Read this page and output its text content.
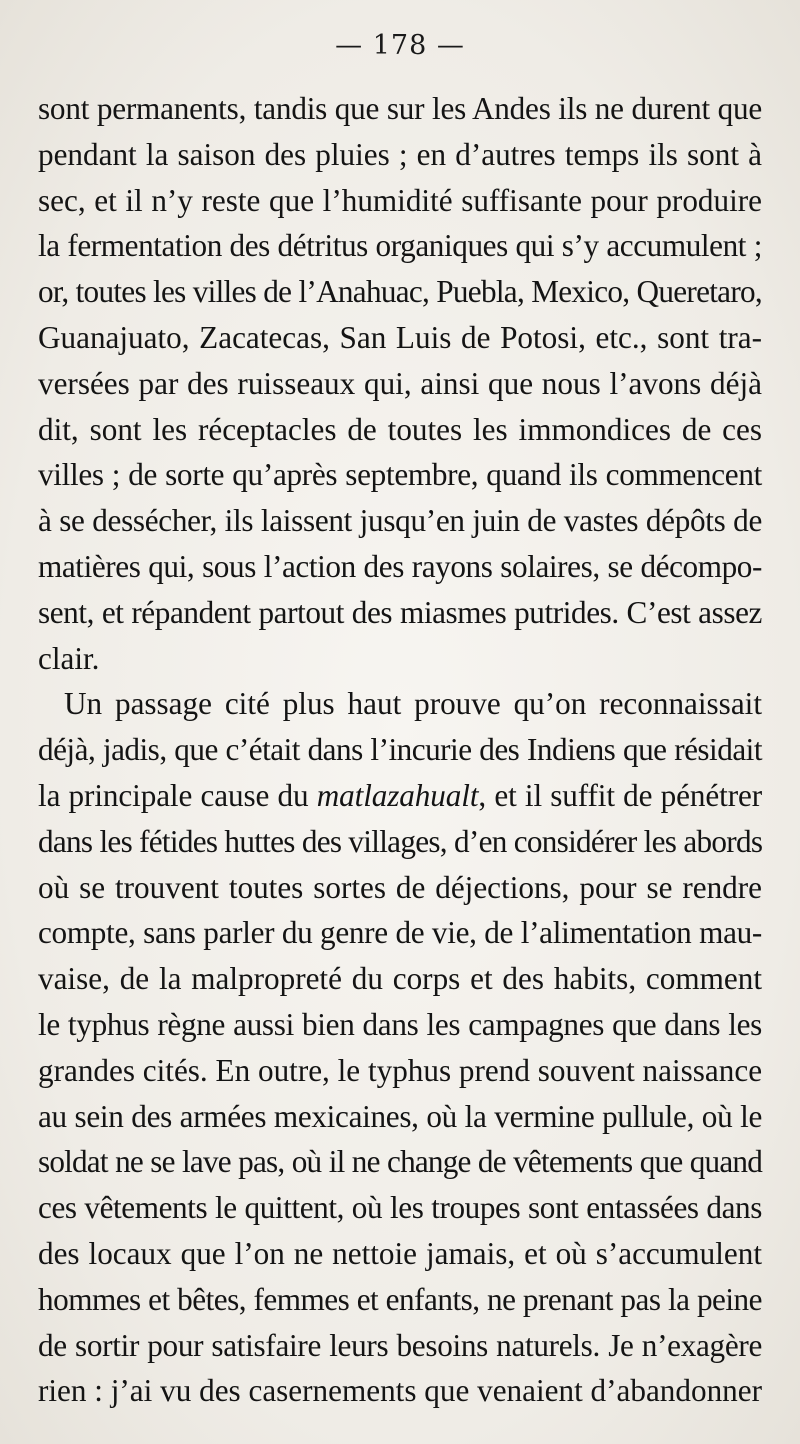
— 178 —
sont permanents, tandis que sur les Andes ils ne durent que
pendant la saison des pluies ; en d’autres temps ils sont à
sec, et il n’y reste que l’humidité suffisante pour produire
la fermentation des détritus organiques qui s’y accumulent ;
or, toutes les villes de l’Anahuac, Puebla, Mexico, Queretaro,
Guanajuato, Zacatecas, San Luis de Potosi, etc., sont tra-
versées par des ruisseaux qui, ainsi que nous l’avons déjà
dit, sont les réceptacles de toutes les immondices de ces
villes ; de sorte qu’après septembre, quand ils commencent
à se dessécher, ils laissent jusqu’en juin de vastes dépôts de
matières qui, sous l’action des rayons solaires, se décompo-
sent, et répandent partout des miasmes putrides. C’est assez
clair.
Un passage cité plus haut prouve qu’on reconnaissait
déjà, jadis, que c’était dans l’incurie des Indiens que résidait
la principale cause du matlazahualt, et il suffit de pénétrer
dans les fétides huttes des villages, d’en considérer les abords
où se trouvent toutes sortes de déjections, pour se rendre
compte, sans parler du genre de vie, de l’alimentation mau-
vaise, de la malpropreté du corps et des habits, comment
le typhus règne aussi bien dans les campagnes que dans les
grandes cités. En outre, le typhus prend souvent naissance
au sein des armées mexicaines, où la vermine pullule, où le
soldat ne se lave pas, où il ne change de vêtements que quand
ces vêtements le quittent, où les troupes sont entassées dans
des locaux que l’on ne nettoie jamais, et où s’accumulent
hommes et bêtes, femmes et enfants, ne prenant pas la peine
de sortir pour satisfaire leurs besoins naturels. Je n’exagère
rien : j’ai vu des casernements que venaient d’abandonner
